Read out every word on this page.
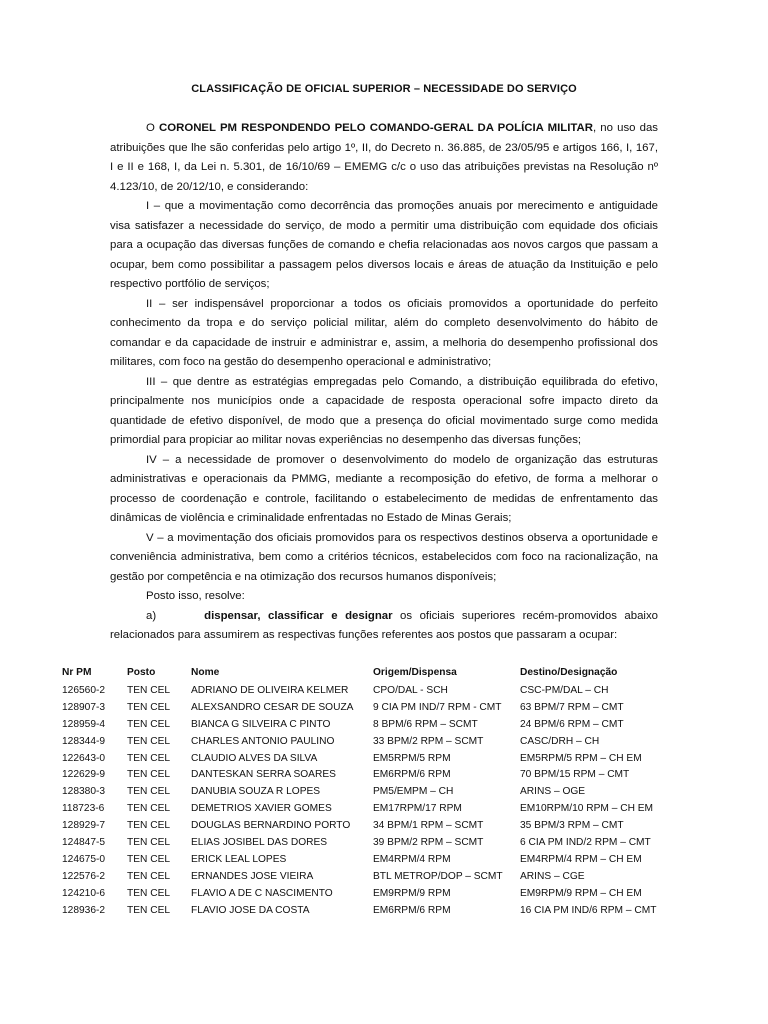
CLASSIFICAÇÃO DE OFICIAL SUPERIOR – NECESSIDADE DO SERVIÇO

O CORONEL PM RESPONDENDO PELO COMANDO-GERAL DA POLÍCIA MILITAR, no uso das atribuições que lhe são conferidas pelo artigo 1º, II, do Decreto n. 36.885, de 23/05/95 e artigos 166, I, 167, I e II e 168, I, da Lei n. 5.301, de 16/10/69 – EMEMG c/c o uso das atribuições previstas na Resolução nº 4.123/10, de 20/12/10, e considerando:

I – que a movimentação como decorrência das promoções anuais por merecimento e antiguidade visa satisfazer a necessidade do serviço, de modo a permitir uma distribuição com equidade dos oficiais para a ocupação das diversas funções de comando e chefia relacionadas aos novos cargos que passam a ocupar, bem como possibilitar a passagem pelos diversos locais e áreas de atuação da Instituição e pelo respectivo portfólio de serviços;

II – ser indispensável proporcionar a todos os oficiais promovidos a oportunidade do perfeito conhecimento da tropa e do serviço policial militar, além do completo desenvolvimento do hábito de comandar e da capacidade de instruir e administrar e, assim, a melhoria do desempenho profissional dos militares, com foco na gestão do desempenho operacional e administrativo;

III – que dentre as estratégias empregadas pelo Comando, a distribuição equilibrada do efetivo, principalmente nos municípios onde a capacidade de resposta operacional sofre impacto direto da quantidade de efetivo disponível, de modo que a presença do oficial movimentado surge como medida primordial para propiciar ao militar novas experiências no desempenho das diversas funções;

IV – a necessidade de promover o desenvolvimento do modelo de organização das estruturas administrativas e operacionais da PMMG, mediante a recomposição do efetivo, de forma a melhorar o processo de coordenação e controle, facilitando o estabelecimento de medidas de enfrentamento das dinâmicas de violência e criminalidade enfrentadas no Estado de Minas Gerais;

V – a movimentação dos oficiais promovidos para os respectivos destinos observa a oportunidade e conveniência administrativa, bem como a critérios técnicos, estabelecidos com foco na racionalização, na gestão por competência e na otimização dos recursos humanos disponíveis;

Posto isso, resolve:

a)	dispensar, classificar e designar os oficiais superiores recém-promovidos abaixo relacionados para assumirem as respectivas funções referentes aos postos que passaram a ocupar:

Nr PM	Posto	Nome	Origem/Dispensa	Destino/Designação
126560-2	TEN CEL	ADRIANO DE OLIVEIRA KELMER	CPO/DAL - SCH	CSC-PM/DAL – CH
128907-3	TEN CEL	ALEXSANDRO CESAR DE SOUZA	9 CIA PM IND/7 RPM - CMT	63 BPM/7 RPM – CMT
128959-4	TEN CEL	BIANCA G SILVEIRA C PINTO	8 BPM/6 RPM – SCMT	24 BPM/6 RPM – CMT
128344-9	TEN CEL	CHARLES ANTONIO PAULINO	33 BPM/2 RPM – SCMT	CASC/DRH – CH
122643-0	TEN CEL	CLAUDIO ALVES DA SILVA	EM5RPM/5 RPM	EM5RPM/5 RPM – CH EM
122629-9	TEN CEL	DANTESKAN SERRA SOARES	EM6RPM/6 RPM	70 BPM/15 RPM – CMT
128380-3	TEN CEL	DANUBIA SOUZA R LOPES	PM5/EMPM – CH	ARINS – OGE
118723-6	TEN CEL	DEMETRIOS XAVIER GOMES	EM17RPM/17 RPM	EM10RPM/10 RPM – CH EM
128929-7	TEN CEL	DOUGLAS BERNARDINO PORTO	34 BPM/1 RPM – SCMT	35 BPM/3 RPM – CMT
124847-5	TEN CEL	ELIAS JOSIBEL DAS DORES	39 BPM/2 RPM – SCMT	6 CIA PM IND/2 RPM – CMT
124675-0	TEN CEL	ERICK LEAL LOPES	EM4RPM/4 RPM	EM4RPM/4 RPM – CH EM
122576-2	TEN CEL	ERNANDES JOSE VIEIRA	BTL METROP/DOP – SCMT	ARINS – CGE
124210-6	TEN CEL	FLAVIO A DE C NASCIMENTO	EM9RPM/9 RPM	EM9RPM/9 RPM – CH EM
128936-2	TEN CEL	FLAVIO JOSE DA COSTA	EM6RPM/6 RPM	16 CIA PM IND/6 RPM – CMT
